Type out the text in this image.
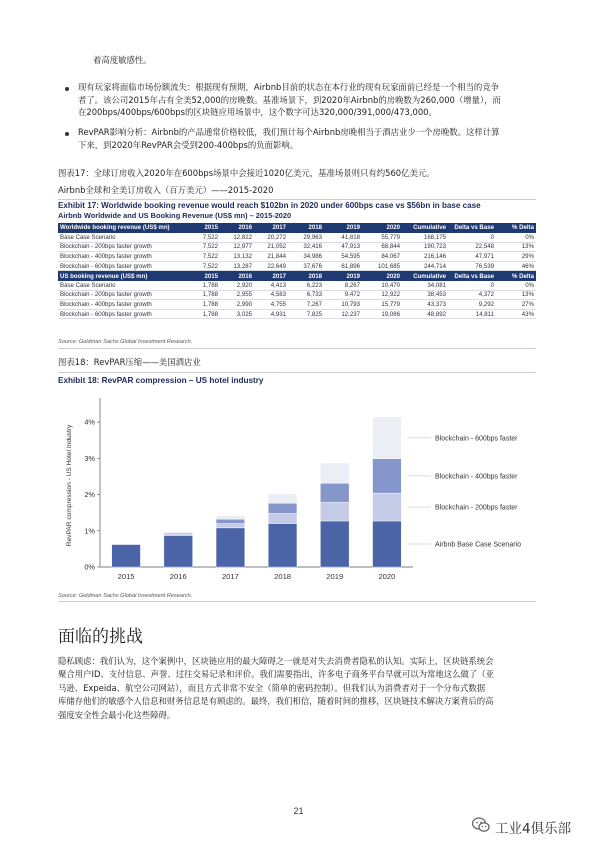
着高度敏感性。
现有玩家将面临市场份额流失：根据现有预期，Airbnb目前的状态在本行业的现有玩家面前已经是一个相当的竞争
者了。该公司2015年占有全美52,000的房晚数。基准场景下，到2020年Airbnb的房晚数为260,000（增量），而
在200bps/400bps/600bps的区块链应用场景中，这个数字可达320,000/391,000/473,000。
RevPAR影响分析：Airbnb的产品通常价格较低，我们预计每个Airbnb房晚相当于酒店业少一个房晚数。这样计算
下来，到2020年RevPAR会受到200-400bps的负面影响。
图表17：全球订房收入2020年在600bps场景中会接近1020亿美元，基准场景则只有约560亿美元。
Airbnb全球和全美订房收入（百万美元）——2015-2020
Exhibit 17: Worldwide booking revenue would reach $102bn in 2020 under 600bps case vs $56bn in base case
Airbnb Worldwide and US Booking Revenue (US$ mn) – 2015-2020
Worldwide booking revenue (US$ mn)	2015	2016	2017	2018	2019	2020	Cumulative	Delta vs Base	% Delta
Base Case Scenario	7,522	12,822	20,272	29,963	41,818	55,779	168,175	0	0%
Blockchain - 200bps faster growth	7,522	12,977	21,052	32,416	47,913	68,844	190,723	22,548	13%
Blockchain - 400bps faster growth	7,522	13,132	21,844	34,986	54,595	84,067	216,146	47,971	29%
Blockchain - 600bps faster growth	7,522	13,287	22,649	37,676	61,896	101,685	244,714	76,539	46%
US booking revenue (US$ mn)	2015	2016	2017	2018	2019	2020	Cumulative	Delta vs Base	% Delta
Base Case Scenario	1,788	2,920	4,413	6,223	8,267	10,470	34,081	0	0%
Blockchain - 200bps faster growth	1,788	2,955	4,583	6,733	9,472	12,922	38,453	4,372	13%
Blockchain - 400bps faster growth	1,788	2,990	4,755	7,267	10,793	15,779	43,373	9,292	27%
Blockchain - 600bps faster growth	1,788	3,025	4,931	7,825	12,237	19,086	48,892	14,811	43%
Source: Goldman Sachs Global Investment Research.
图表18：RevPAR压缩——美国酒店业
Exhibit 18: RevPAR compression – US hotel industry
RevPAR compression - US Hotel Industry
0%
1%
2%
3%
4%
2015	2016	2017	2018	2019	2020
Airbnb Base Case Scenario
Blockchain - 200bps faster
Blockchain - 400bps faster
Blockchain - 600bps faster
Source: Goldman Sachs Global Investment Research.
面临的挑战
隐私顾虑：我们认为，这个案例中，区块链应用的最大障碍之一就是对失去消费者隐私的认知。实际上，区块链系统会
聚合用户ID、支付信息、声誉、过往交易记录和评价。我们需要指出，许多电子商务平台早就可以为常地这么做了（亚
马逊、Expeida、航空公司网站），而且方式非常不安全（简单的密码控制）。但我们认为消费者对于一个分布式数据
库储存他们的敏感个人信息和财务信息是有顾虑的。最终，我们相信，随着时间的推移，区块链技术解决方案背后的高
强度安全性会最小化这些障碍。
21
工业4俱乐部
